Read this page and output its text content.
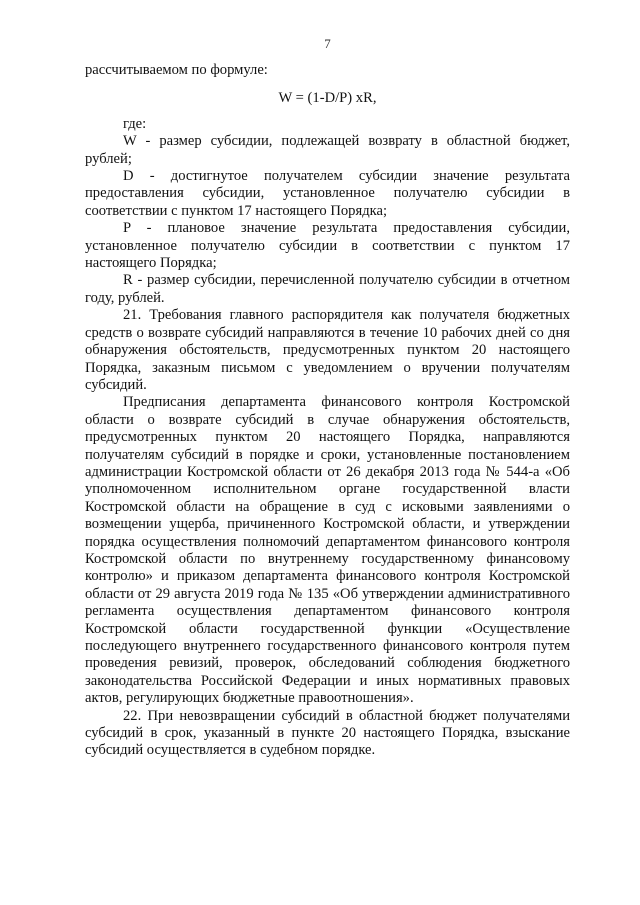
7

рассчитываемом по формуле:

W = (1-D/P) xR,

где:

W - размер субсидии, подлежащей возврату в областной бюджет, рублей;

D - достигнутое получателем субсидии значение результата предоставления субсидии, установленное получателю субсидии в соответствии с пунктом 17 настоящего Порядка;

P - плановое значение результата предоставления субсидии, установленное получателю субсидии в соответствии с пунктом 17 настоящего Порядка;

R - размер субсидии, перечисленной получателю субсидии в отчетном году, рублей.

21. Требования главного распорядителя как получателя бюджетных средств о возврате субсидий направляются в течение 10 рабочих дней со дня обнаружения обстоятельств, предусмотренных пунктом 20 настоящего Порядка, заказным письмом с уведомлением о вручении получателям субсидий.

Предписания департамента финансового контроля Костромской области о возврате субсидий в случае обнаружения обстоятельств, предусмотренных пунктом 20 настоящего Порядка, направляются получателям субсидий в порядке и сроки, установленные постановлением администрации Костромской области от 26 декабря 2013 года № 544-а «Об уполномоченном исполнительном органе государственной власти Костромской области на обращение в суд с исковыми заявлениями о возмещении ущерба, причиненного Костромской области, и утверждении порядка осуществления полномочий департаментом финансового контроля Костромской области по внутреннему государственному финансовому контролю» и приказом департамента финансового контроля Костромской области от 29 августа 2019 года № 135 «Об утверждении административного регламента осуществления департаментом финансового контроля Костромской области государственной функции «Осуществление последующего внутреннего государственного финансового контроля путем проведения ревизий, проверок, обследований соблюдения бюджетного законодательства Российской Федерации и иных нормативных правовых актов, регулирующих бюджетные правоотношения».

22. При невозвращении субсидий в областной бюджет получателями субсидий в срок, указанный в пункте 20 настоящего Порядка, взыскание субсидий осуществляется в судебном порядке.
